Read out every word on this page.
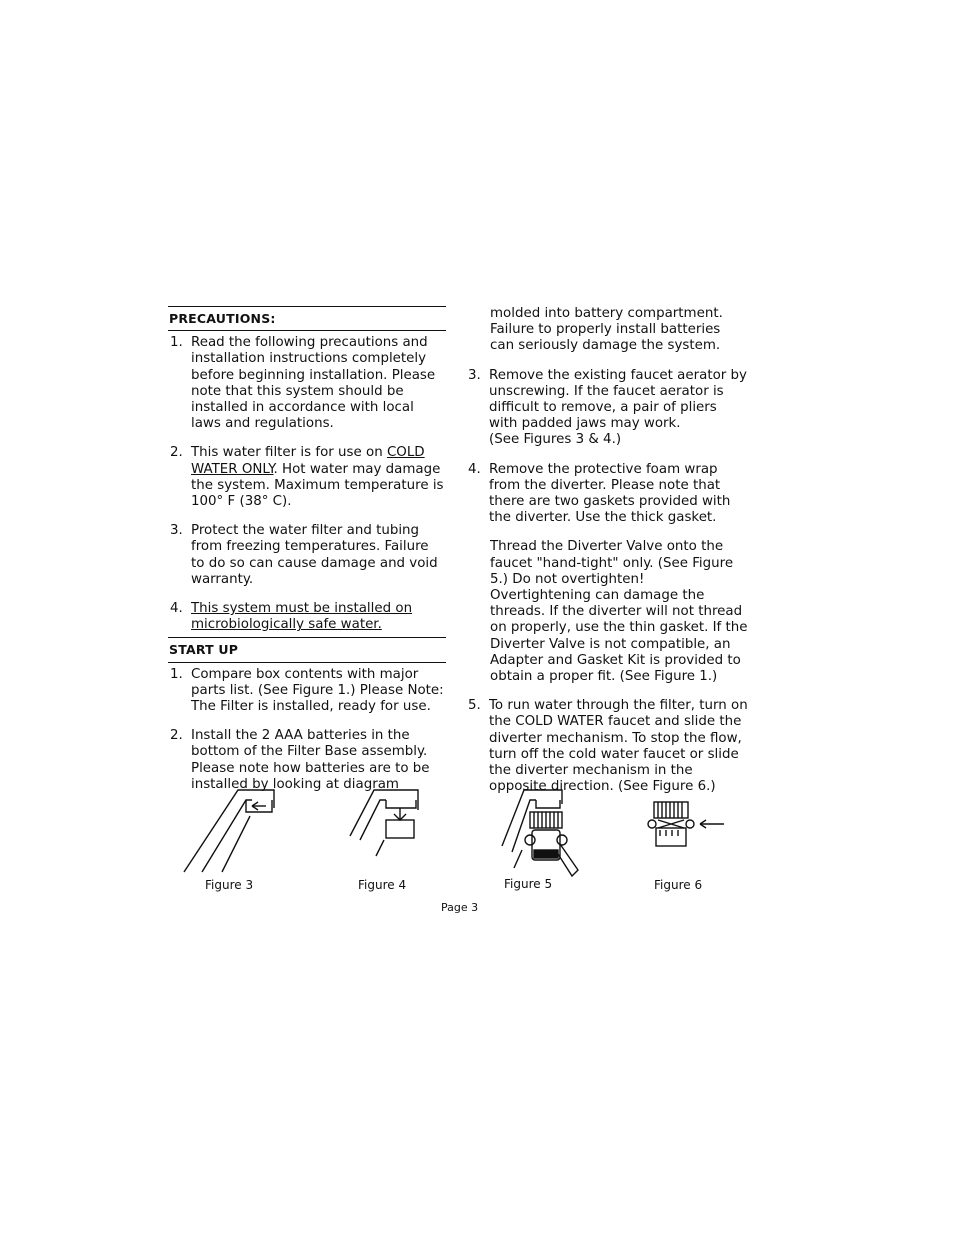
PRECAUTIONS:
1. Read the following precautions and installation instructions completely before beginning installation. Please note that this system should be installed in accordance with local laws and regulations.
2. This water filter is for use on COLD WATER ONLY. Hot water may damage the system. Maximum temperature is 100° F (38° C).
3. Protect the water filter and tubing from freezing temperatures. Failure to do so can cause damage and void warranty.
4. This system must be installed on microbiologically safe water.
START UP
1. Compare box contents with major parts list. (See Figure 1.) Please Note: The Filter is installed, ready for use.
2. Install the 2 AAA batteries in the bottom of the Filter Base assembly. Please note how batteries are to be installed by looking at diagram
molded into battery compartment. Failure to properly install batteries can seriously damage the system.
3. Remove the existing faucet aerator by unscrewing. If the faucet aerator is difficult to remove, a pair of pliers with padded jaws may work.
(See Figures 3 & 4.)
4. Remove the protective foam wrap from the diverter. Please note that there are two gaskets provided with the diverter. Use the thick gasket.
Thread the Diverter Valve onto the faucet "hand-tight" only. (See Figure 5.) Do not overtighten! Overtightening can damage the threads. If the diverter will not thread on properly, use the thin gasket. If the Diverter Valve is not compatible, an Adapter and Gasket Kit is provided to obtain a proper fit. (See Figure 1.)
5. To run water through the filter, turn on the COLD WATER faucet and slide the diverter mechanism. To stop the flow, turn off the cold water faucet or slide the diverter mechanism in the opposite direction. (See Figure 6.)
Figure 3	Figure 4	Figure 5	Figure 6
Page 3
